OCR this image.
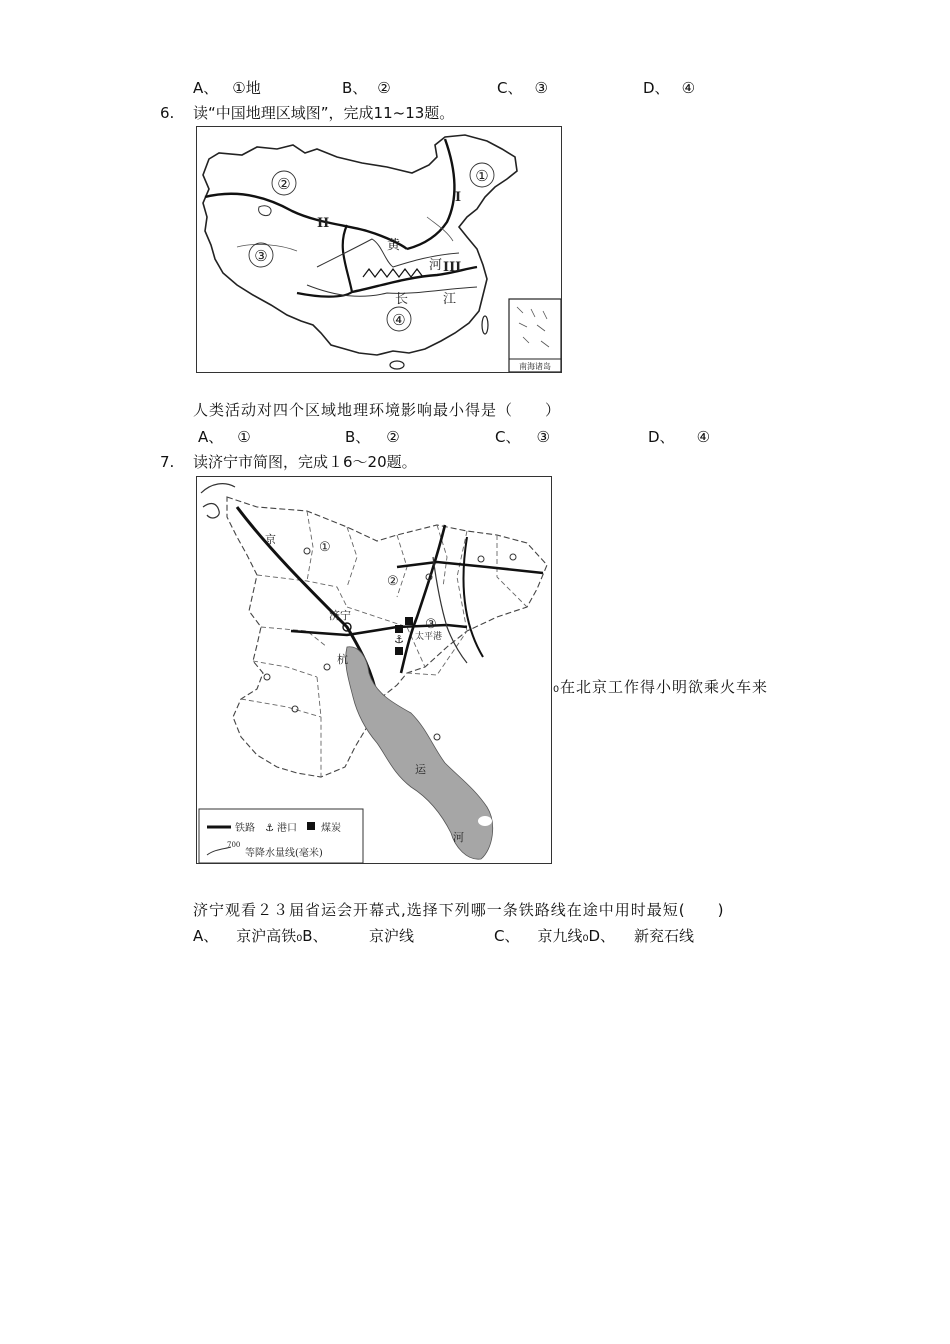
A、 ①地	B、 ②	C、 ③	D、 ④
6. 读“中国地理区域图”，完成11~13题。
②	①
③
④
I
II
III
黄
河
长	江
南海诸岛
人类活动对四个区域地理环境影响最小得是（　　）
A、 ①	B、 ②	C、 ③	D、 ④
7. 读济宁市简图，完成１6～20题。
⚓ 太平港
京
①
②
③
济宁
杭
运
河
铁路 ⚓ 港口 煤炭
700
等降水量线(毫米)
₀在北京工作得小明欲乘火车来
济宁观看２３届省运会开幕式,选择下列哪一条铁路线在途中用时最短(　　)
A、 京沪高铁₀B、	京沪线	C、 京九线₀D、 新兖石线
